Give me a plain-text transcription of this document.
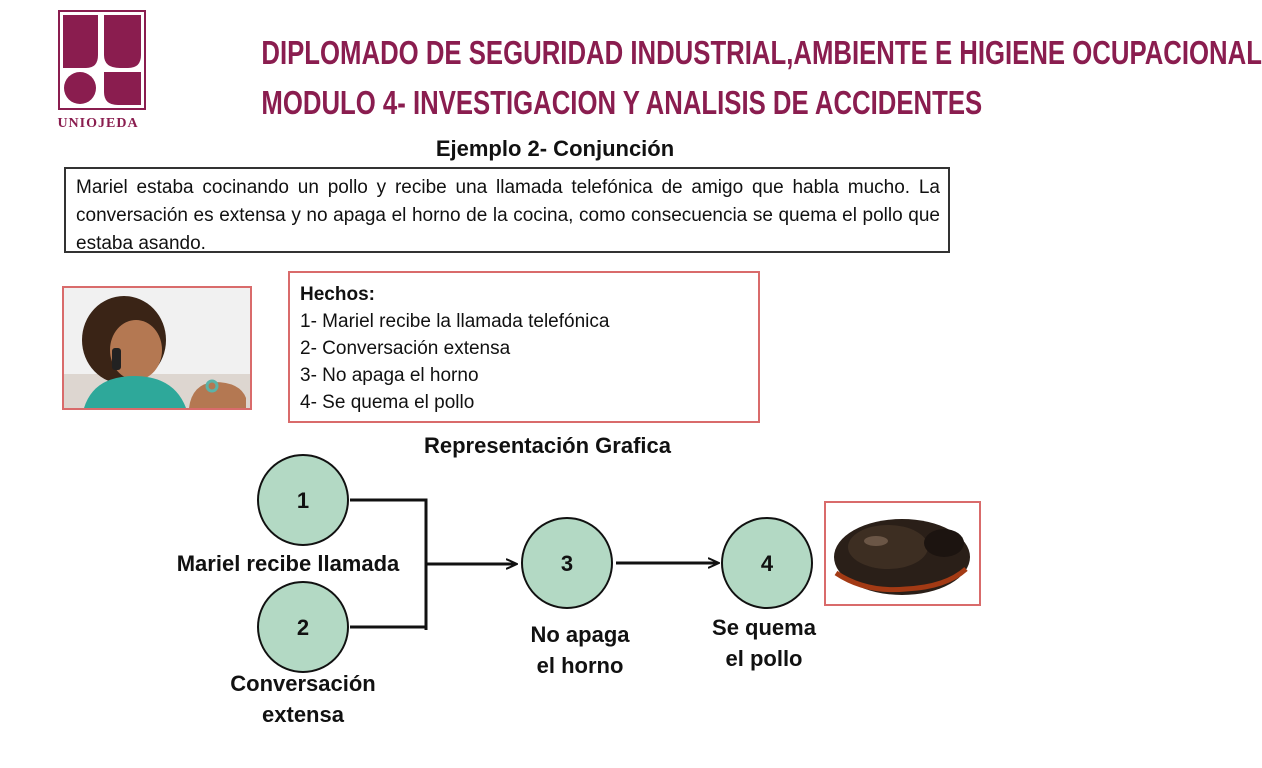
UNIOJEDA
DIPLOMADO DE SEGURIDAD INDUSTRIAL,AMBIENTE E HIGIENE OCUPACIONAL
MODULO 4- INVESTIGACION Y ANALISIS DE ACCIDENTES
Ejemplo 2- Conjunción
Mariel estaba cocinando un pollo y recibe una llamada telefónica de amigo que habla mucho. La conversación es extensa y no apaga el horno de la cocina, como consecuencia se quema el pollo que estaba asando.
Hechos:
1- Mariel recibe la llamada telefónica
2- Conversación extensa
3- No apaga el horno
4- Se quema el pollo
Representación Grafica
1
2
3	4
Mariel recibe llamada
Conversación
extensa
No apaga
el horno
Se quema
el pollo
